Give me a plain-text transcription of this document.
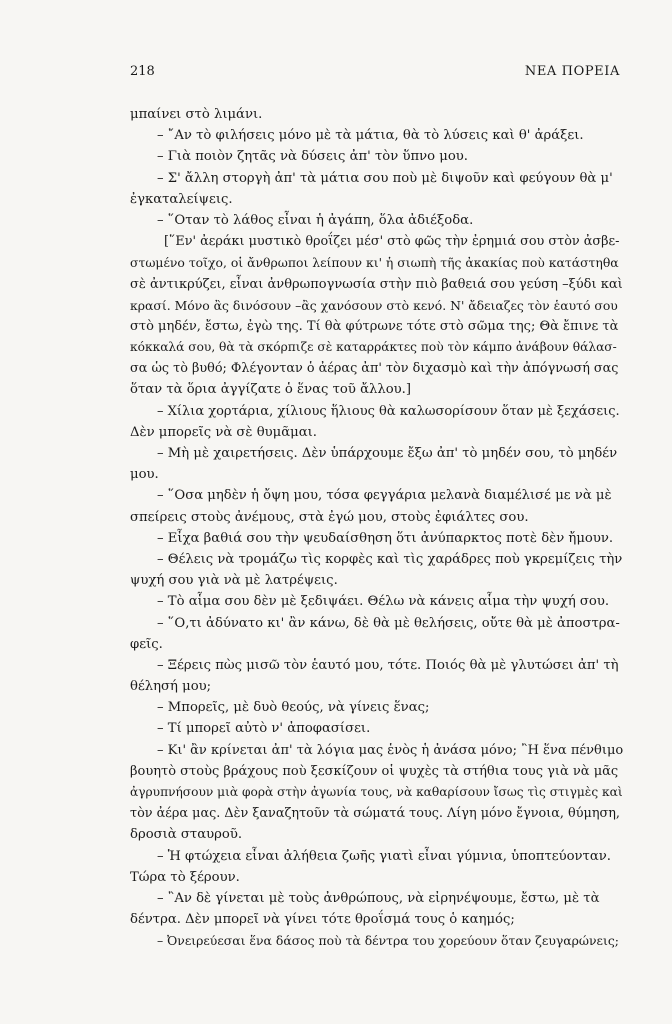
218	ΝΕΑ ΠΟΡΕΙΑ
μπαίνει στὸ λιμάνι.
– ῎Αν τὸ φιλήσεις μόνο μὲ τὰ μάτια, θὰ τὸ λύσεις καὶ θ' ἀράξει.
– Γιὰ ποιὸν ζητᾶς νὰ δύσεις ἀπ' τὸν ὕπνο μου.
– Σ' ἄλλη στοργὴ ἀπ' τὰ μάτια σου ποὺ μὲ διψοῦν καὶ φεύγουν θὰ μ'
ἐγκαταλείψεις.
– ῞Οταν τὸ λάθος εἶναι ἡ ἀγάπη, ὅλα ἀδιέξοδα.
[῞Εν' ἀεράκι μυστικὸ θροΐζει μέσ' στὸ φῶς τὴν ἐρημιά σου στὸν ἀσβε-
στωμένο τοῖχο, οἱ ἄνθρωποι λείπουν κι' ἡ σιωπὴ τῆς ἀκακίας ποὺ κατάστηθα
σὲ ἀντικρύζει, εἶναι ἀνθρωπογνωσία στὴν πιὸ βαθειά σου γεύση –ξύδι καὶ
κρασί. Μόνο ἂς δινόσουν –ἂς χανόσουν στὸ κενό. Ν' ἄδειαζες τὸν ἑαυτό σου
στὸ μηδέν, ἔστω, ἐγὼ της. Τί θὰ φύτρωνε τότε στὸ σῶμα της; Θὰ ἔπινε τὰ
κόκκαλά σου, θὰ τὰ σκόρπιζε σὲ καταρράκτες ποὺ τὸν κάμπο ἀνάβουν θάλασ-
σα ὡς τὸ βυθό; Φλέγονταν ὁ ἀέρας ἀπ' τὸν διχασμὸ καὶ τὴν ἀπόγνωσή σας
ὅταν τὰ ὅρια ἀγγίζατε ὁ ἕνας τοῦ ἄλλου.]
– Χίλια χορτάρια, χίλιους ἥλιους θὰ καλωσορίσουν ὅταν μὲ ξεχάσεις.
Δὲν μπορεῖς νὰ σὲ θυμᾶμαι.
– Μὴ μὲ χαιρετήσεις. Δὲν ὑπάρχουμε ἔξω ἀπ' τὸ μηδέν σου, τὸ μηδέν
μου.
– ῞Οσα μηδὲν ἡ ὄψη μου, τόσα φεγγάρια μελανὰ διαμέλισέ με νὰ μὲ
σπείρεις στοὺς ἀνέμους, στὰ ἐγώ μου, στοὺς ἐφιάλτες σου.
– Εἶχα βαθιά σου τὴν ψευδαίσθηση ὅτι ἀνύπαρκτος ποτὲ δὲν ἤμουν.
– Θέλεις νὰ τρομάζω τὶς κορφὲς καὶ τὶς χαράδρες ποὺ γκρεμίζεις τὴν
ψυχή σου γιὰ νὰ μὲ λατρέψεις.
– Τὸ αἷμα σου δὲν μὲ ξεδιψάει. Θέλω νὰ κάνεις αἷμα τὴν ψυχή σου.
– ῞Ο,τι ἀδύνατο κι' ἂν κάνω, δὲ θὰ μὲ θελήσεις, οὔτε θὰ μὲ ἀποστρα-
φεῖς.
– Ξέρεις πὼς μισῶ τὸν ἑαυτό μου, τότε. Ποιός θὰ μὲ γλυτώσει ἀπ' τὴ
θέλησή μου;
– Μπορεῖς, μὲ δυὸ θεούς, νὰ γίνεις ἕνας;
– Τί μπορεῖ αὐτὸ ν' ἀποφασίσει.
– Κι' ἂν κρίνεται ἀπ' τὰ λόγια μας ἑνὸς ἡ ἀνάσα μόνο; ῍Η ἕνα πένθιμο
βουητὸ στοὺς βράχους ποὺ ξεσκίζουν οἱ ψυχὲς τὰ στήθια τους γιὰ νὰ μᾶς
ἀγρυπνήσουν μιὰ φορὰ στὴν ἀγωνία τους, νὰ καθαρίσουν ἴσως τὶς στιγμὲς καὶ
τὸν ἀέρα μας. Δὲν ξαναζητοῦν τὰ σώματά τους. Λίγη μόνο ἔγνοια, θύμηση,
δροσιὰ σταυροῦ.
– Ἡ φτώχεια εἶναι ἀλήθεια ζωῆς γιατὶ εἶναι γύμνια, ὑποπτεύονταν.
Τώρα τὸ ξέρουν.
– ῍Αν δὲ γίνεται μὲ τοὺς ἀνθρώπους, νὰ εἰρηνέψουμε, ἔστω, μὲ τὰ
δέντρα. Δὲν μπορεῖ νὰ γίνει τότε θροΐσμά τους ὁ καημός;
– Ὀνειρεύεσαι ἕνα δάσος ποὺ τὰ δέντρα του χορεύουν ὅταν ζευγαρώνεις;
